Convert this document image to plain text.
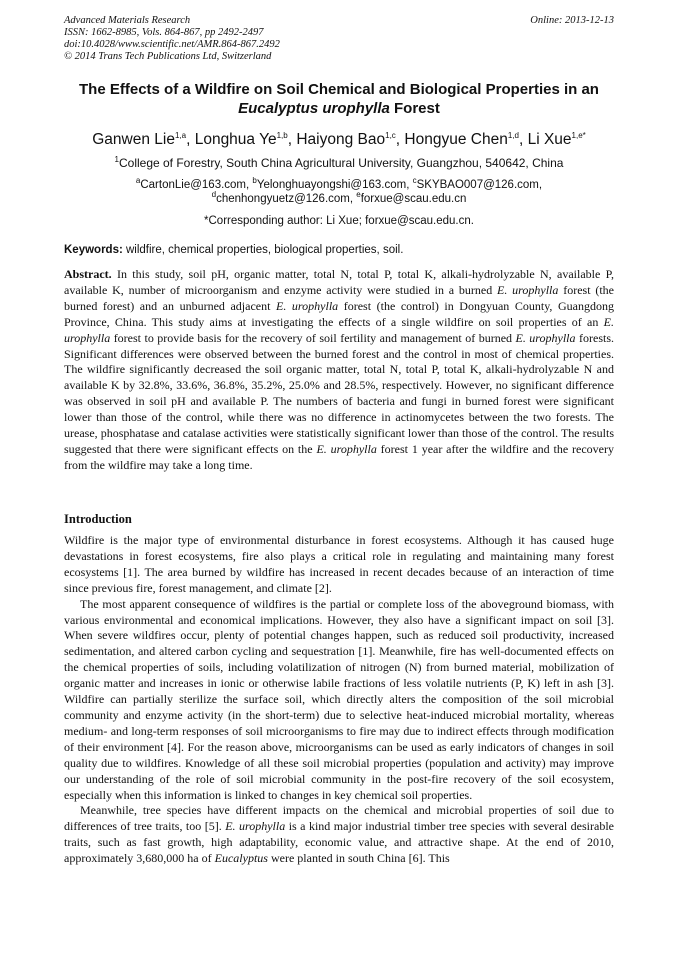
Advanced Materials Research
ISSN: 1662-8985, Vols. 864-867, pp 2492-2497
doi:10.4028/www.scientific.net/AMR.864-867.2492
© 2014 Trans Tech Publications Ltd, Switzerland
Online: 2013-12-13
The Effects of a Wildfire on Soil Chemical and Biological Properties in an
Eucalyptus urophylla Forest
Ganwen Lie$^{1,a}$, Longhua Ye$^{1,b}$, Haiyong Bao$^{1,c}$, Hongyue Chen$^{1,d}$, Li Xue$^{1,e*}$
$^1$College of Forestry, South China Agricultural University, Guangzhou, 540642, China
$^a$CartonLie@163.com, $^b$Yelonghuayongshi@163.com, $^c$SKYBAO007@126.com,
$^d$chenhongyuetz@126.com, $^e$forxue@scau.edu.cn
*Corresponding author: Li Xue; forxue@scau.edu.cn.
Keywords: wildfire, chemical properties, biological properties, soil.
Abstract. In this study, soil pH, organic matter, total N, total P, total K, alkali-hydrolyzable N, available P, available K, number of microorganism and enzyme activity were studied in a burned E. urophylla forest (the burned forest) and an unburned adjacent E. urophylla forest (the control) in Dongyuan County, Guangdong Province, China. This study aims at investigating the effects of a single wildfire on soil properties of an E. urophylla forest to provide basis for the recovery of soil fertility and management of burned E. urophylla forests. Significant differences were observed between the burned forest and the control in most of chemical properties. The wildfire significantly decreased the soil organic matter, total N, total P, total K, alkali-hydrolyzable N and available K by 32.8%, 33.6%, 36.8%, 35.2%, 25.0% and 28.5%, respectively. However, no significant difference was observed in soil pH and available P. The numbers of bacteria and fungi in burned forest were significant lower than those of the control, while there was no difference in actinomycetes between the two forests. The urease, phosphatase and catalase activities were statistically significant lower than those of the control. The results suggested that there were significant effects on the E. urophylla forest 1 year after the wildfire and the recovery from the wildfire may take a long time.
Introduction

Wildfire is the major type of environmental disturbance in forest ecosystems. Although it has caused huge devastations in forest ecosystems, fire also plays a critical role in regulating and maintaining many forest ecosystems [1]. The area burned by wildfire has increased in recent decades because of an interaction of time since previous fire, forest management, and climate [2].

The most apparent consequence of wildfires is the partial or complete loss of the aboveground biomass, with various environmental and economical implications. However, they also have a significant impact on soil [3]. When severe wildfires occur, plenty of potential changes happen, such as reduced soil productivity, increased sedimentation, and altered carbon cycling and sequestration [1]. Meanwhile, fire has well-documented effects on the chemical properties of soils, including volatilization of nitrogen (N) from burned material, mobilization of organic matter and increases in ionic or otherwise labile fractions of less volatile nutrients (P, K) left in ash [3]. Wildfire can partially sterilize the surface soil, which directly alters the composition of the soil microbial community and enzyme activity (in the short-term) due to selective heat-induced microbial mortality, whereas medium- and long-term responses of soil microorganisms to fire may due to indirect effects through modification of their environment [4]. For the reason above, microorganisms can be used as early indicators of changes in soil quality due to wildfires. Knowledge of all these soil microbial properties (population and activity) may improve our understanding of the role of soil microbial community in the post-fire recovery of the soil ecosystem, especially when this information is linked to changes in key chemical soil properties.

Meanwhile, tree species have different impacts on the chemical and microbial properties of soil due to differences of tree traits, too [5]. E. urophylla is a kind major industrial timber tree species with several desirable traits, such as fast growth, high adaptability, economic value, and attractive shape. At the end of 2010, approximately 3,680,000 ha of Eucalyptus were planted in south China [6]. This
